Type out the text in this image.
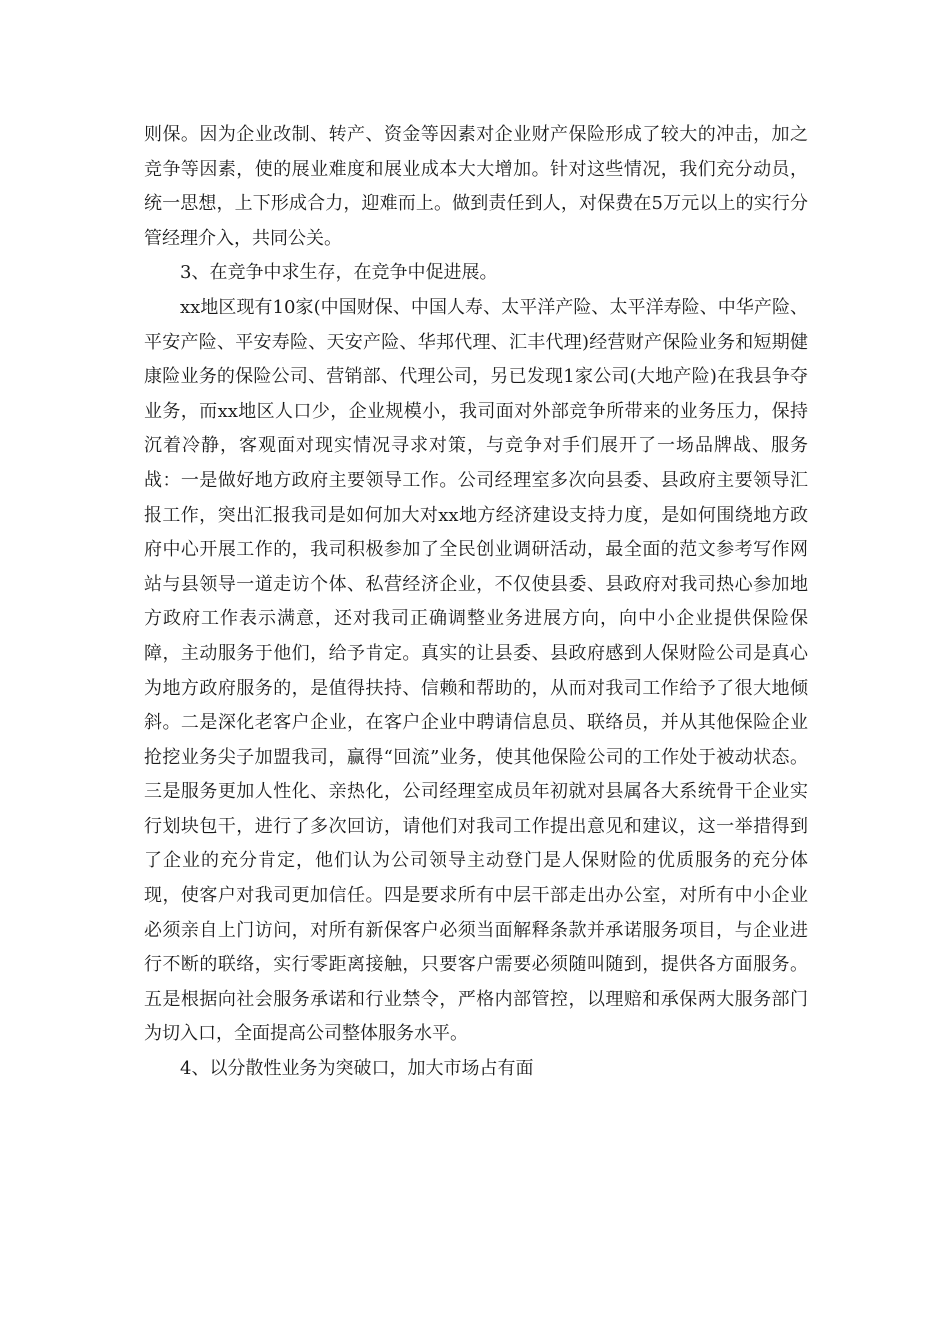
则保。因为企业改制、转产、资金等因素对企业财产保险形成了较大的冲击，加之竞争等因素，使的展业难度和展业成本大大增加。针对这些情况，我们充分动员，统一思想，上下形成合力，迎难而上。做到责任到人，对保费在5万元以上的实行分管经理介入，共同公关。

3、在竞争中求生存，在竞争中促进展。

xx地区现有10家(中国财保、中国人寿、太平洋产险、太平洋寿险、中华产险、平安产险、平安寿险、天安产险、华邦代理、汇丰代理)经营财产保险业务和短期健康险业务的保险公司、营销部、代理公司，另已发现1家公司(大地产险)在我县争夺业务，而xx地区人口少，企业规模小，我司面对外部竞争所带来的业务压力，保持沉着冷静，客观面对现实情况寻求对策，与竞争对手们展开了一场品牌战、服务战：一是做好地方政府主要领导工作。公司经理室多次向县委、县政府主要领导汇报工作，突出汇报我司是如何加大对xx地方经济建设支持力度，是如何围绕地方政府中心开展工作的，我司积极参加了全民创业调研活动，最全面的范文参考写作网站与县领导一道走访个体、私营经济企业，不仅使县委、县政府对我司热心参加地方政府工作表示满意，还对我司正确调整业务进展方向，向中小企业提供保险保障，主动服务于他们，给予肯定。真实的让县委、县政府感到人保财险公司是真心为地方政府服务的，是值得扶持、信赖和帮助的，从而对我司工作给予了很大地倾斜。二是深化老客户企业，在客户企业中聘请信息员、联络员，并从其他保险企业抢挖业务尖子加盟我司，赢得“回流”业务，使其他保险公司的工作处于被动状态。三是服务更加人性化、亲热化，公司经理室成员年初就对县属各大系统骨干企业实行划块包干，进行了多次回访，请他们对我司工作提出意见和建议，这一举措得到了企业的充分肯定，他们认为公司领导主动登门是人保财险的优质服务的充分体现，使客户对我司更加信任。四是要求所有中层干部走出办公室，对所有中小企业必须亲自上门访问，对所有新保客户必须当面解释条款并承诺服务项目，与企业进行不断的联络，实行零距离接触，只要客户需要必须随叫随到，提供各方面服务。五是根据向社会服务承诺和行业禁令，严格内部管控，以理赔和承保两大服务部门为切入口，全面提高公司整体服务水平。

4、以分散性业务为突破口，加大市场占有面
